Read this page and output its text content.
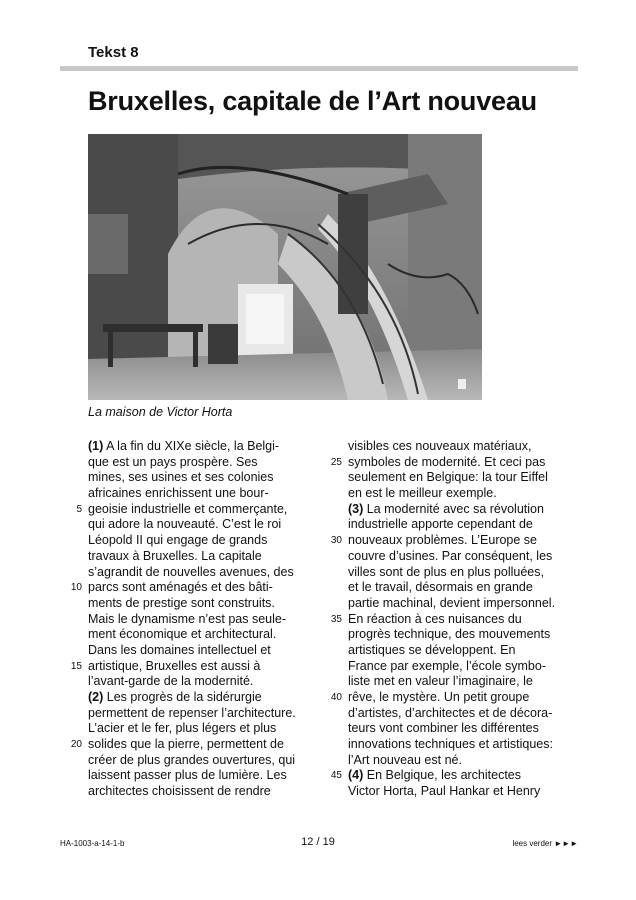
Tekst 8
Bruxelles, capitale de l’Art nouveau
La maison de Victor Horta
(1) A la fin du XIXe siècle, la Belgi-
que est un pays prospère. Ses
mines, ses usines et ses colonies
africaines enrichissent une bour-
5 geoisie industrielle et commerçante,
qui adore la nouveauté. C’est le roi
Léopold II qui engage de grands
travaux à Bruxelles. La capitale
s’agrandit de nouvelles avenues, des
10 parcs sont aménagés et des bâti-
ments de prestige sont construits.
Mais le dynamisme n’est pas seule-
ment économique et architectural.
Dans les domaines intellectuel et
15 artistique, Bruxelles est aussi à
l’avant-garde de la modernité.
(2) Les progrès de la sidérurgie
permettent de repenser l’architecture.
L’acier et le fer, plus légers et plus
20 solides que la pierre, permettent de
créer de plus grandes ouvertures, qui
laissent passer plus de lumière. Les
architectes choisissent de rendre
visibles ces nouveaux matériaux,
25 symboles de modernité. Et ceci pas
seulement en Belgique: la tour Eiffel
en est le meilleur exemple.
(3) La modernité avec sa révolution
industrielle apporte cependant de
30 nouveaux problèmes. L’Europe se
couvre d’usines. Par conséquent, les
villes sont de plus en plus polluées,
et le travail, désormais en grande
partie machinal, devient impersonnel.
35 En réaction à ces nuisances du
progrès technique, des mouvements
artistiques se développent. En
France par exemple, l’école symbo-
liste met en valeur l’imaginaire, le
40 rêve, le mystère. Un petit groupe
d’artistes, d’architectes et de décora-
teurs vont combiner les différentes
innovations techniques et artistiques:
l’Art nouveau est né.
45 (4) En Belgique, les architectes
Victor Horta, Paul Hankar et Henry
HA-1003-a-14-1-b	12 / 19	lees verder ►►►
